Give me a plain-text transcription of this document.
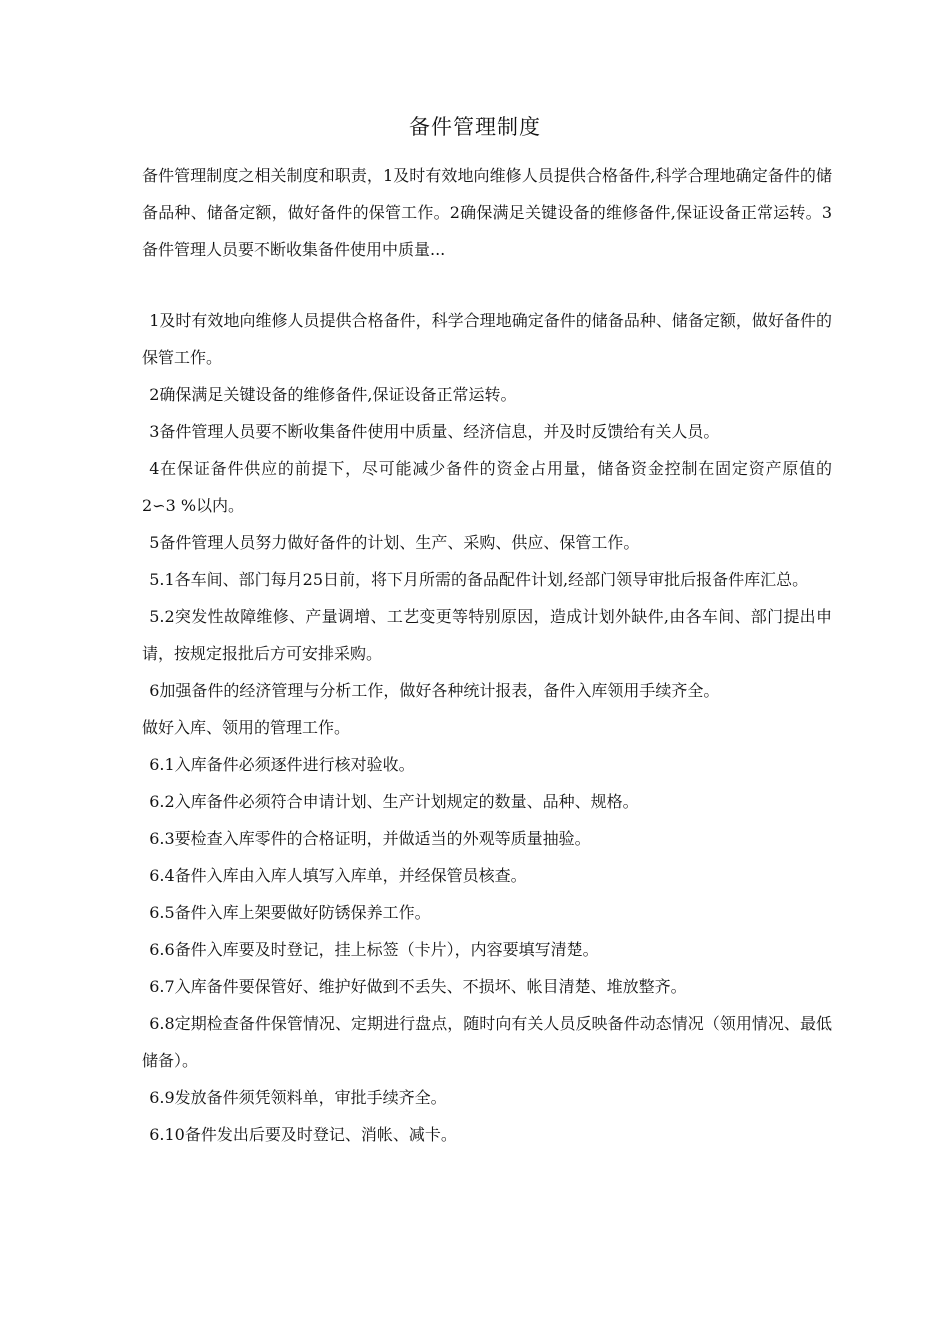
备件管理制度
备件管理制度之相关制度和职责，1及时有效地向维修人员提供合格备件,科学合理地确定备件的储备品种、储备定额，做好备件的保管工作。2确保满足关键设备的维修备件,保证设备正常运转。3备件管理人员要不断收集备件使用中质量...

1及时有效地向维修人员提供合格备件，科学合理地确定备件的储备品种、储备定额，做好备件的保管工作。

2确保满足关键设备的维修备件,保证设备正常运转。

3备件管理人员要不断收集备件使用中质量、经济信息，并及时反馈给有关人员。

4在保证备件供应的前提下，尽可能减少备件的资金占用量，储备资金控制在固定资产原值的2∽3 %以内。

5备件管理人员努力做好备件的计划、生产、采购、供应、保管工作。

5.1各车间、部门每月25日前，将下月所需的备品配件计划,经部门领导审批后报备件库汇总。

5.2突发性故障维修、产量调增、工艺变更等特别原因，造成计划外缺件,由各车间、部门提出申请，按规定报批后方可安排采购。

6加强备件的经济管理与分析工作，做好各种统计报表，备件入库领用手续齐全。

做好入库、领用的管理工作。

6.1入库备件必须逐件进行核对验收。

6.2入库备件必须符合申请计划、生产计划规定的数量、品种、规格。

6.3要检查入库零件的合格证明，并做适当的外观等质量抽验。

6.4备件入库由入库人填写入库单，并经保管员核查。

6.5备件入库上架要做好防锈保养工作。

6.6备件入库要及时登记，挂上标签（卡片），内容要填写清楚。

6.7入库备件要保管好、维护好做到不丢失、不损坏、帐目清楚、堆放整齐。

6.8定期检查备件保管情况、定期进行盘点，随时向有关人员反映备件动态情况（领用情况、最低储备）。

6.9发放备件须凭领料单，审批手续齐全。

6.10备件发出后要及时登记、消帐、减卡。
